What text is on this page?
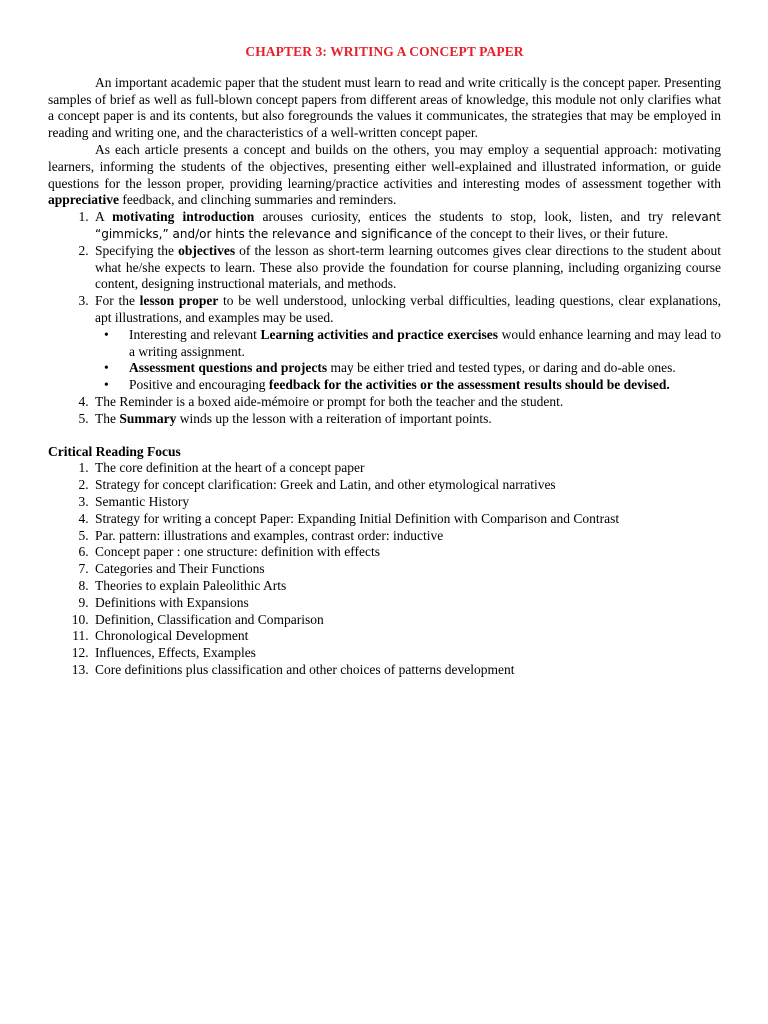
CHAPTER 3: WRITING A CONCEPT PAPER

An important academic paper that the student must learn to read and write critically is the concept paper. Presenting samples of brief as well as full-blown concept papers from different areas of knowledge, this module not only clarifies what a concept paper is and its contents, but also foregrounds the values it communicates, the strategies that may be employed in reading and writing one, and the characteristics of a well-written concept paper.

As each article presents a concept and builds on the others, you may employ a sequential approach: motivating learners, informing the students of the objectives, presenting either well-explained and illustrated information, or guide questions for the lesson proper, providing learning/practice activities and interesting modes of assessment together with appreciative feedback, and clinching summaries and reminders.

1. A motivating introduction arouses curiosity, entices the students to stop, look, listen, and try relevant “gimmicks,” and/or hints the relevance and significance of the concept to their lives, or their future.
2. Specifying the objectives of the lesson as short-term learning outcomes gives clear directions to the student about what he/she expects to learn. These also provide the foundation for course planning, including organizing course content, designing instructional materials, and methods.
3. For the lesson proper to be well understood, unlocking verbal difficulties, leading questions, clear explanations, apt illustrations, and examples may be used.
• Interesting and relevant Learning activities and practice exercises would enhance learning and may lead to a writing assignment.
• Assessment questions and projects may be either tried and tested types, or daring and do-able ones.
• Positive and encouraging feedback for the activities or the assessment results should be devised.
4. The Reminder is a boxed aide-mémoire or prompt for both the teacher and the student.
5. The Summary winds up the lesson with a reiteration of important points.
Critical Reading Focus
1. The core definition at the heart of a concept paper
2. Strategy for concept clarification: Greek and Latin, and other etymological narratives
3. Semantic History
4. Strategy for writing a concept Paper: Expanding Initial Definition with Comparison and Contrast
5. Par. pattern: illustrations and examples, contrast order: inductive
6. Concept paper : one structure: definition with effects
7. Categories and Their Functions
8. Theories to explain Paleolithic Arts
9. Definitions with Expansions
10. Definition, Classification and Comparison
11. Chronological Development
12. Influences, Effects, Examples
13. Core definitions plus classification and other choices of patterns development
